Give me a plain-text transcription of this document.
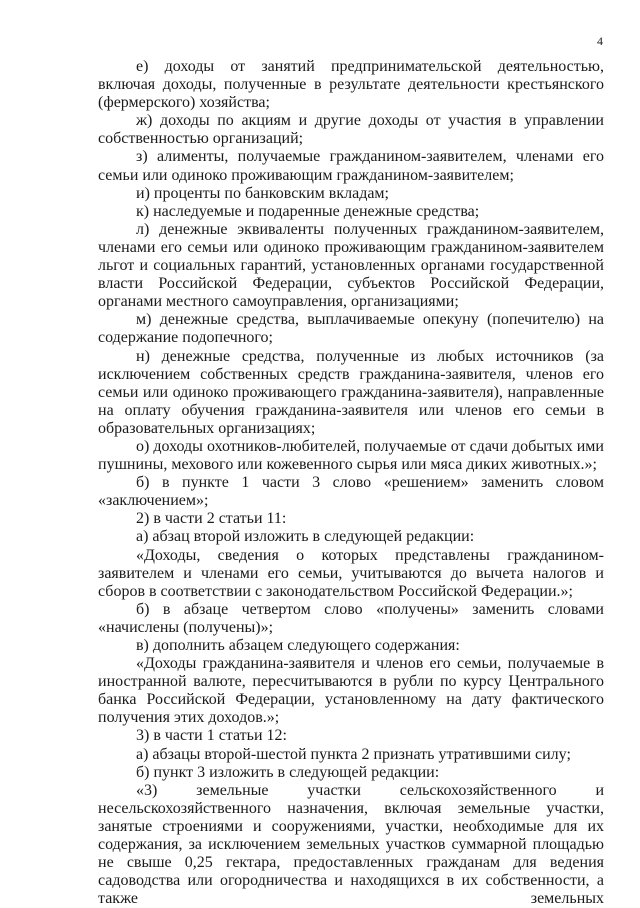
4

е) доходы от занятий предпринимательской деятельностью, включая доходы, полученные в результате деятельности крестьянского (фермерского) хозяйства;

ж) доходы по акциям и другие доходы от участия в управлении собственностью организаций;

з) алименты, получаемые гражданином-заявителем, членами его семьи или одиноко проживающим гражданином-заявителем;

и) проценты по банковским вкладам;

к) наследуемые и подаренные денежные средства;

л) денежные эквиваленты полученных гражданином-заявителем, членами его семьи или одиноко проживающим гражданином-заявителем льгот и социальных гарантий, установленных органами государственной власти Российской Федерации, субъектов Российской Федерации, органами местного самоуправления, организациями;

м) денежные средства, выплачиваемые опекуну (попечителю) на содержание подопечного;

н) денежные средства, полученные из любых источников (за исключением собственных средств гражданина-заявителя, членов его семьи или одиноко проживающего гражданина-заявителя), направленные на оплату обучения гражданина-заявителя или членов его семьи в образовательных организациях;

о) доходы охотников-любителей, получаемые от сдачи добытых ими пушнины, мехового или кожевенного сырья или мяса диких животных.»;

б) в пункте 1 части 3 слово «решением» заменить словом «заключением»;

2) в части 2 статьи 11:

а) абзац второй изложить в следующей редакции:

«Доходы, сведения о которых представлены гражданином-заявителем и членами его семьи, учитываются до вычета налогов и сборов в соответствии с законодательством Российской Федерации.»;

б) в абзаце четвертом слово «получены» заменить словами «начислены (получены)»;

в) дополнить абзацем следующего содержания:

«Доходы гражданина-заявителя и членов его семьи, получаемые в иностранной валюте, пересчитываются в рубли по курсу Центрального банка Российской Федерации, установленному на дату фактического получения этих доходов.»;

3) в части 1 статьи 12:

а) абзацы второй-шестой пункта 2 признать утратившими силу;

б) пункт 3 изложить в следующей редакции:

«3) земельные участки сельскохозяйственного и несельскохозяйственного назначения, включая земельные участки, занятые строениями и сооружениями, участки, необходимые для их содержания, за исключением земельных участков суммарной площадью не свыше 0,25 гектара, предоставленных гражданам для ведения садоводства или огородничества и находящихся в их собственности, а также земельных
